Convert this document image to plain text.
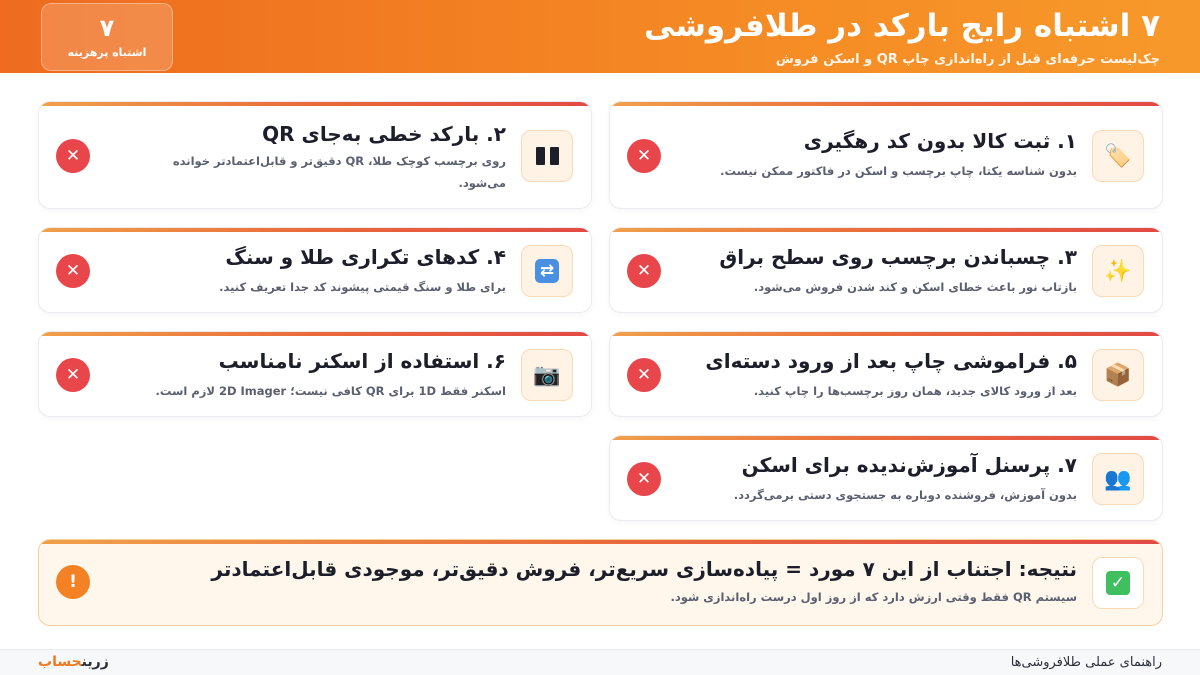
۷ اشتباه رایج بارکد در طلافروشی
چک‌لیست حرفه‌ای قبل از راه‌اندازی چاپ QR و اسکن فروش
۷
اشتباه پرهزینه
🏷️
۱. ثبت کالا بدون کد رهگیری
بدون شناسه یکتا، چاپ برچسب و اسکن در فاکتور ممکن نیست.
✕
۲. بارکد خطی به‌جای QR
روی برچسب کوچک طلا، QR دقیق‌تر و قابل‌اعتمادتر خوانده می‌شود.
✕
✨
۳. چسباندن برچسب روی سطح براق
بازتاب نور باعث خطای اسکن و کند شدن فروش می‌شود.
✕
⇄
۴. کدهای تکراری طلا و سنگ
برای طلا و سنگ قیمتی پیشوند کد جدا تعریف کنید.
✕
📦
۵. فراموشی چاپ بعد از ورود دسته‌ای
بعد از ورود کالای جدید، همان روز برچسب‌ها را چاپ کنید.
✕
📷
۶. استفاده از اسکنر نامناسب
اسکنر فقط 1D برای QR کافی نیست؛ 2D Imager لازم است.
✕
👥
۷. پرسنل آموزش‌ندیده برای اسکن
بدون آموزش، فروشنده دوباره به جستجوی دستی برمی‌گردد.
✕
✓
نتیجه: اجتناب از این ۷ مورد = پیاده‌سازی سریع‌تر، فروش دقیق‌تر، موجودی قابل‌اعتمادتر
سیستم QR فقط وقتی ارزش دارد که از روز اول درست راه‌اندازی شود.
!
راهنمای عملی طلافروشی‌ها
زرینحساب
